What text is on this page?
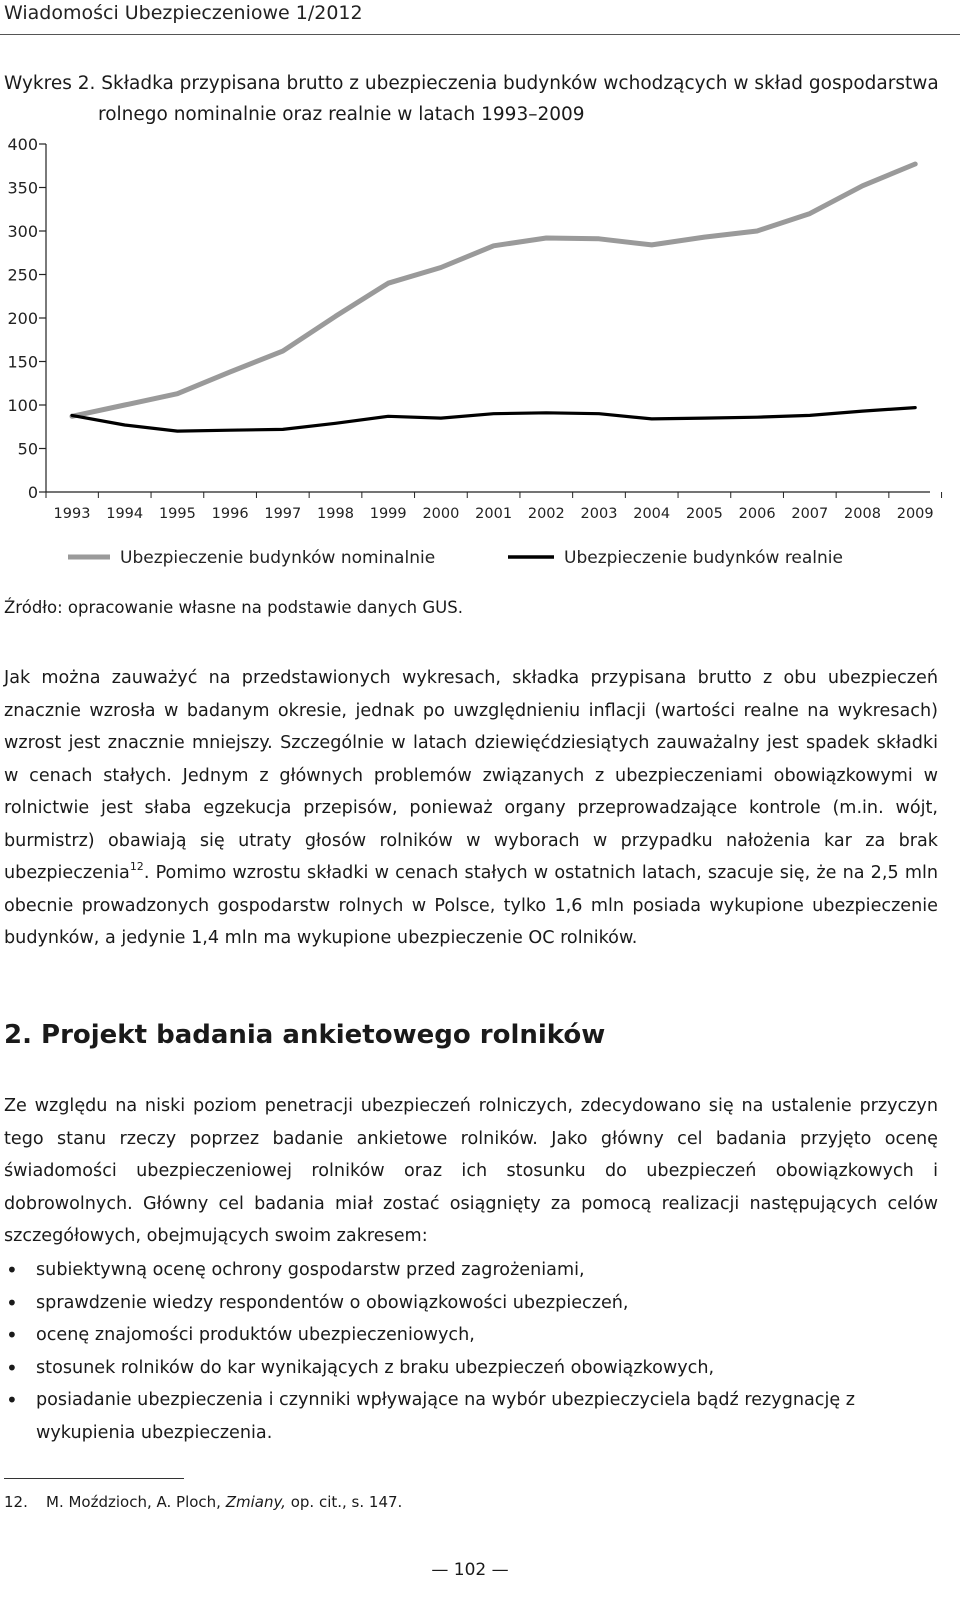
Wiadomości Ubezpieczeniowe 1/2012
Wykres 2. Składka przypisana brutto z ubezpieczenia budynków wchodzących w skład gospodarstwa
rolnego nominalnie oraz realnie w latach 1993–2009
0
50
100
150
200
250
300
350
400
1993 1994 1995 1996 1997 1998 1999 2000 2001 2002 2003 2004 2005 2006 2007 2008 2009
Ubezpieczenie budynków nominalnie	Ubezpieczenie budynków realnie
Źródło: opracowanie własne na podstawie danych GUS.
Jak można zauważyć na przedstawionych wykresach, składka przypisana brutto z obu ubezpieczeń znacznie wzrosła w badanym okresie, jednak po uwzględnieniu inflacji (wartości realne na wykresach) wzrost jest znacznie mniejszy. Szczególnie w latach dziewięćdziesiątych zauważalny jest spadek składki w cenach stałych. Jednym z głównych problemów związanych z ubezpieczeniami obowiązkowymi w rolnictwie jest słaba egzekucja przepisów, ponieważ organy przeprowadzające kontrole (m.in. wójt, burmistrz) obawiają się utraty głosów rolników w wyborach w przypadku nałożenia kar za brak ubezpieczenia$^{12}$. Pomimo wzrostu składki w cenach stałych w ostatnich latach, szacuje się, że na 2,5 mln obecnie prowadzonych gospodarstw rolnych w Polsce, tylko 1,6 mln posiada wykupione ubezpieczenie budynków, a jedynie 1,4 mln ma wykupione ubezpieczenie OC rolników.
2. Projekt badania ankietowego rolników
Ze względu na niski poziom penetracji ubezpieczeń rolniczych, zdecydowano się na ustalenie przyczyn tego stanu rzeczy poprzez badanie ankietowe rolników. Jako główny cel badania przyjęto ocenę świadomości ubezpieczeniowej rolników oraz ich stosunku do ubezpieczeń obowiązkowych i dobrowolnych. Główny cel badania miał zostać osiągnięty za pomocą realizacji następujących celów szczegółowych, obejmujących swoim zakresem:
• subiektywną ocenę ochrony gospodarstw przed zagrożeniami,
• sprawdzenie wiedzy respondentów o obowiązkowości ubezpieczeń,
• ocenę znajomości produktów ubezpieczeniowych,
• stosunek rolników do kar wynikających z braku ubezpieczeń obowiązkowych,
• posiadanie ubezpieczenia i czynniki wpływające na wybór ubezpieczyciela bądź rezygnację z wykupienia ubezpieczenia.
12. M. Moździoch, A. Ploch, Zmiany, op. cit., s. 147.
— 102 —
